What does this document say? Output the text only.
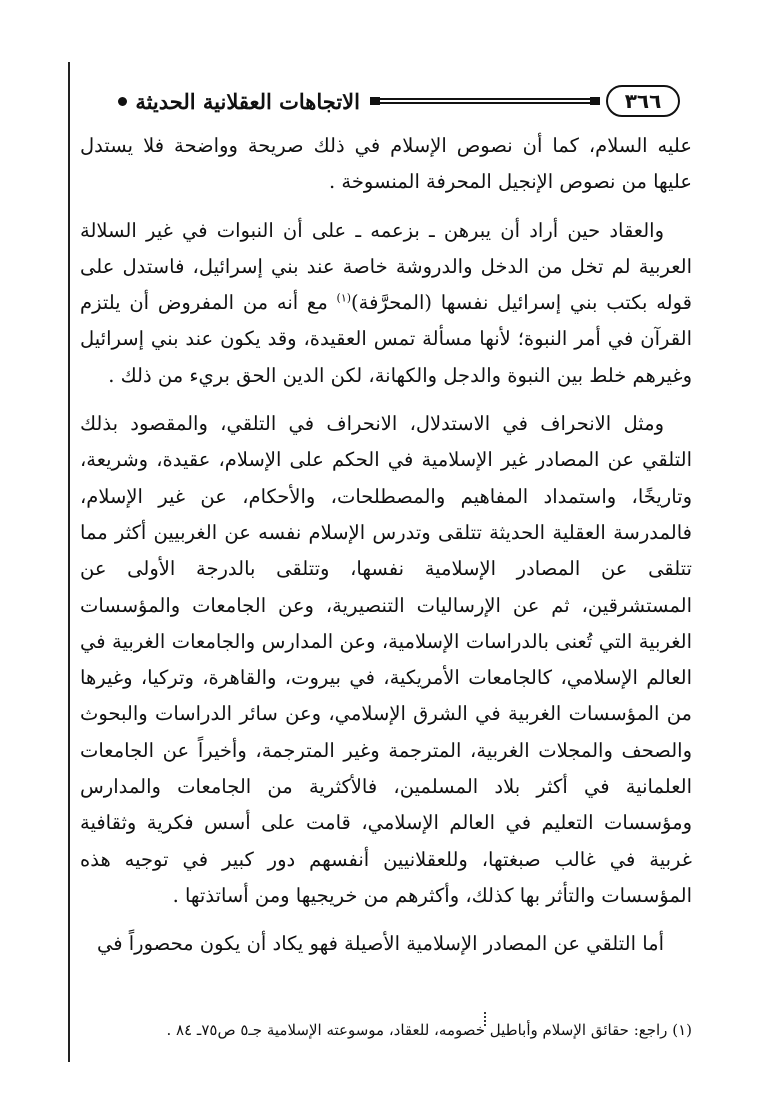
٣٦٦
الاتجاهات العقلانية الحديثة

عليه السلام، كما أن نصوص الإسلام في ذلك صريحة وواضحة فلا يستدل عليها من نصوص الإنجيل المحرفة المنسوخة .

والعقاد حين أراد أن يبرهن ـ بزعمه ـ على أن النبوات في غير السلالة العربية لم تخل من الدخل والدروشة خاصة عند بني إسرائيل، فاستدل على قوله بكتب بني إسرائيل نفسها (المحرَّفة)$^{(١)}$ مع أنه من المفروض أن يلتزم القرآن في أمر النبوة؛ لأنها مسألة تمس العقيدة، وقد يكون عند بني إسرائيل وغيرهم خلط بين النبوة والدجل والكهانة، لكن الدين الحق بريء من ذلك .

ومثل الانحراف في الاستدلال، الانحراف في التلقي، والمقصود بذلك التلقي عن المصادر غير الإسلامية في الحكم على الإسلام، عقيدة، وشريعة، وتاريخًا، واستمداد المفاهيم والمصطلحات، والأحكام، عن غير الإسلام، فالمدرسة العقلية الحديثة تتلقى وتدرس الإسلام نفسه عن الغربيين أكثر مما تتلقى عن المصادر الإسلامية نفسها، وتتلقى بالدرجة الأولى عن المستشرقين، ثم عن الإرساليات التنصيرية، وعن الجامعات والمؤسسات الغربية التي تُعنى بالدراسات الإسلامية، وعن المدارس والجامعات الغربية في العالم الإسلامي، كالجامعات الأمريكية، في بيروت، والقاهرة، وتركيا، وغيرها من المؤسسات الغربية في الشرق الإسلامي، وعن سائر الدراسات والبحوث والصحف والمجلات الغربية، المترجمة وغير المترجمة، وأخيراً عن الجامعات العلمانية في أكثر بلاد المسلمين، فالأكثرية من الجامعات والمدارس ومؤسسات التعليم في العالم الإسلامي، قامت على أسس فكرية وثقافية غربية في غالب صبغتها، وللعقلانيين أنفسهم دور كبير في توجيه هذه المؤسسات والتأثر بها كذلك، وأكثرهم من خريجيها ومن أساتذتها .

أما التلقي عن المصادر الإسلامية الأصيلة فهو يكاد أن يكون محصوراً في

(١) راجع: حقائق الإسلام وأباطيل خصومه، للعقاد، موسوعته الإسلامية جـ٥ ص٧٥ـ ٨٤ .
